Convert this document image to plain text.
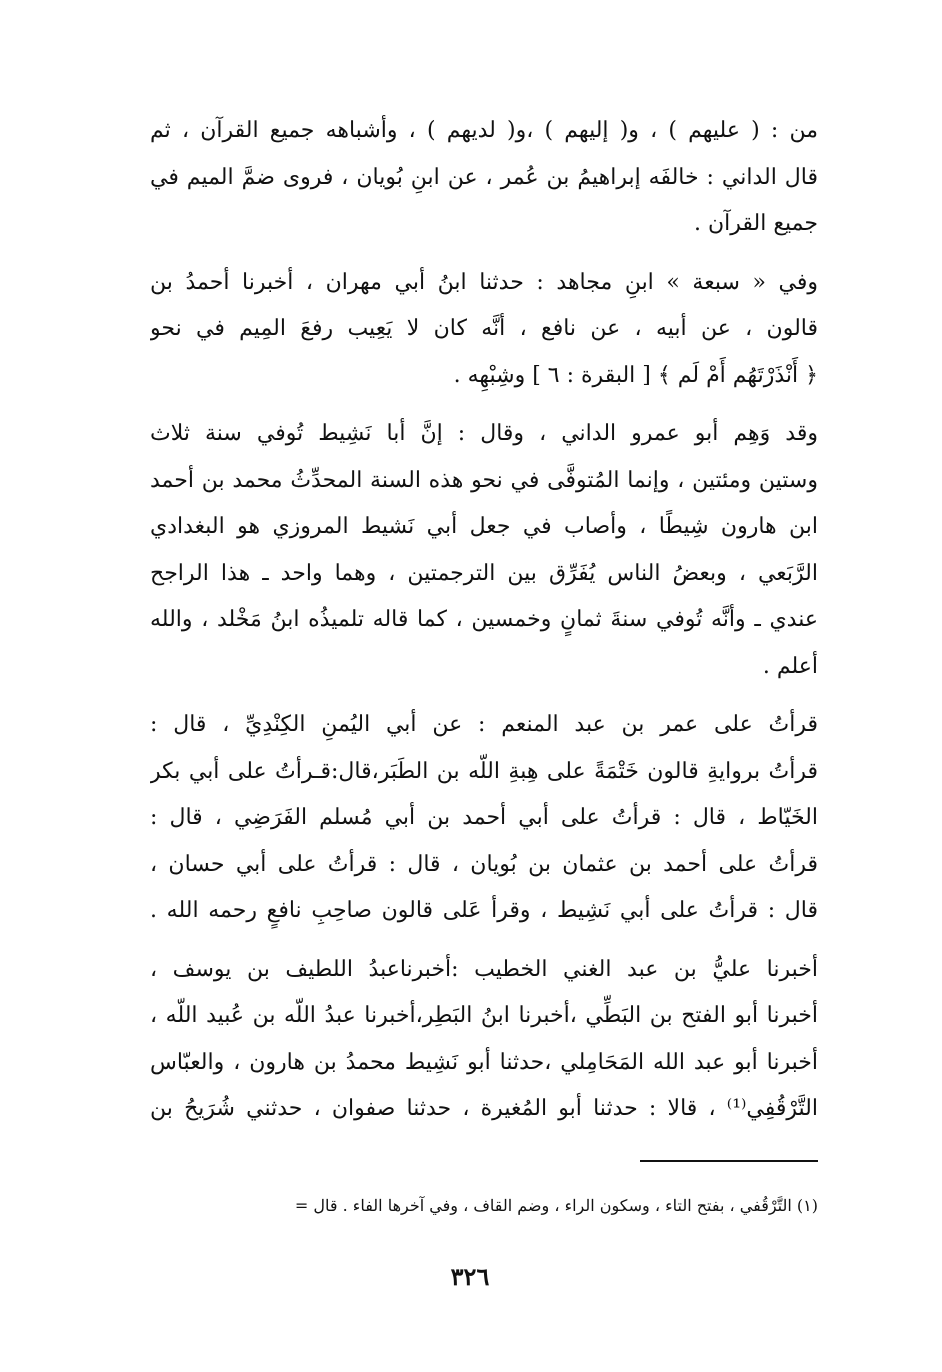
من : ( عليهم ) ، و( إليهم ) ،و( لديهم ) ، وأشباهه جميع القرآن ، ثم
قال الداني : خالفَه إبراهيمُ بن عُمر ، عن ابنِ بُويان ، فروى ضمَّ الميم في
جميع القرآن .

وفي « سبعة » ابنِ مجاهد : حدثنا ابنُ أبي مهران ، أخبرنا أحمدُ بن
قالون ، عن أبيه ، عن نافع ، أنَّه كان لا يَعِيب رفعَ المِيم في نحو
﴿ أَنْذَرْتَهُم أَمْ لَم ﴾ [ البقرة : ٦ ] وشِبْهِه .

وقد وَهِم أبو عمرو الداني ، وقال : إنَّ أبا نَشِيط تُوفي سنة ثلاث
وستين ومئتين ، وإنما المُتوفَّى في نحو هذه السنة المحدِّثُ محمد بن أحمد
ابن هارون شِيطًا ، وأصاب في جعل أبي نَشيط المروزي هو البغدادي
الرَّبَعي ، وبعضُ الناس يُفَرِّق بين الترجمتين ، وهما واحد ـ هذا الراجح
عندي ـ وأنَّه تُوفي سنةَ ثمانٍ وخمسين ، كما قاله تلميذُه ابنُ مَخْلد ، والله
أعلم .

قرأتُ على عمر بن عبد المنعم : عن أبي اليُمنِ الكِنْدِيِّ ، قال :
قرأتُ بروايةِ قالون خَتْمَةً على هِبةِ اللّه بن الطَبَر،قال:قـرأتُ على أبي بكر
الخَيّاط ، قال : قرأتُ على أبي أحمد بن أبي مُسلم الفَرَضِي ، قال :
قرأتُ على أحمد بن عثمان بن بُويان ، قال : قرأتُ على أبي حسان ،
قال : قرأتُ على أبي نَشِيط ، وقرأ عَلى قالون صاحِبِ نافعٍ رحمه الله .

أخبرنا عليُّ بن عبد الغني الخطيب :أخبرناعبدُ اللطيف بن يوسف ،
أخبرنا أبو الفتح بن البَطِّي ،أخبرنا ابنُ البَطِر،أخبرنا عبدُ اللّه بن عُبيد اللّه ،
أخبرنا أبو عبد الله المَحَامِلي ،حدثنا أبو نَشِيط محمدُ بن هارون ، والعبّاس
التَّرْقُفِي⁽¹⁾ ، قالا : حدثنا أبو المُغيرة ، حدثنا صفوان ، حدثني شُرَيحُ بن

(١) التَّرْقُفي ، بفتح التاء ، وسكون الراء ، وضم القاف ، وفي آخرها الفاء . قال =
٣٢٦
